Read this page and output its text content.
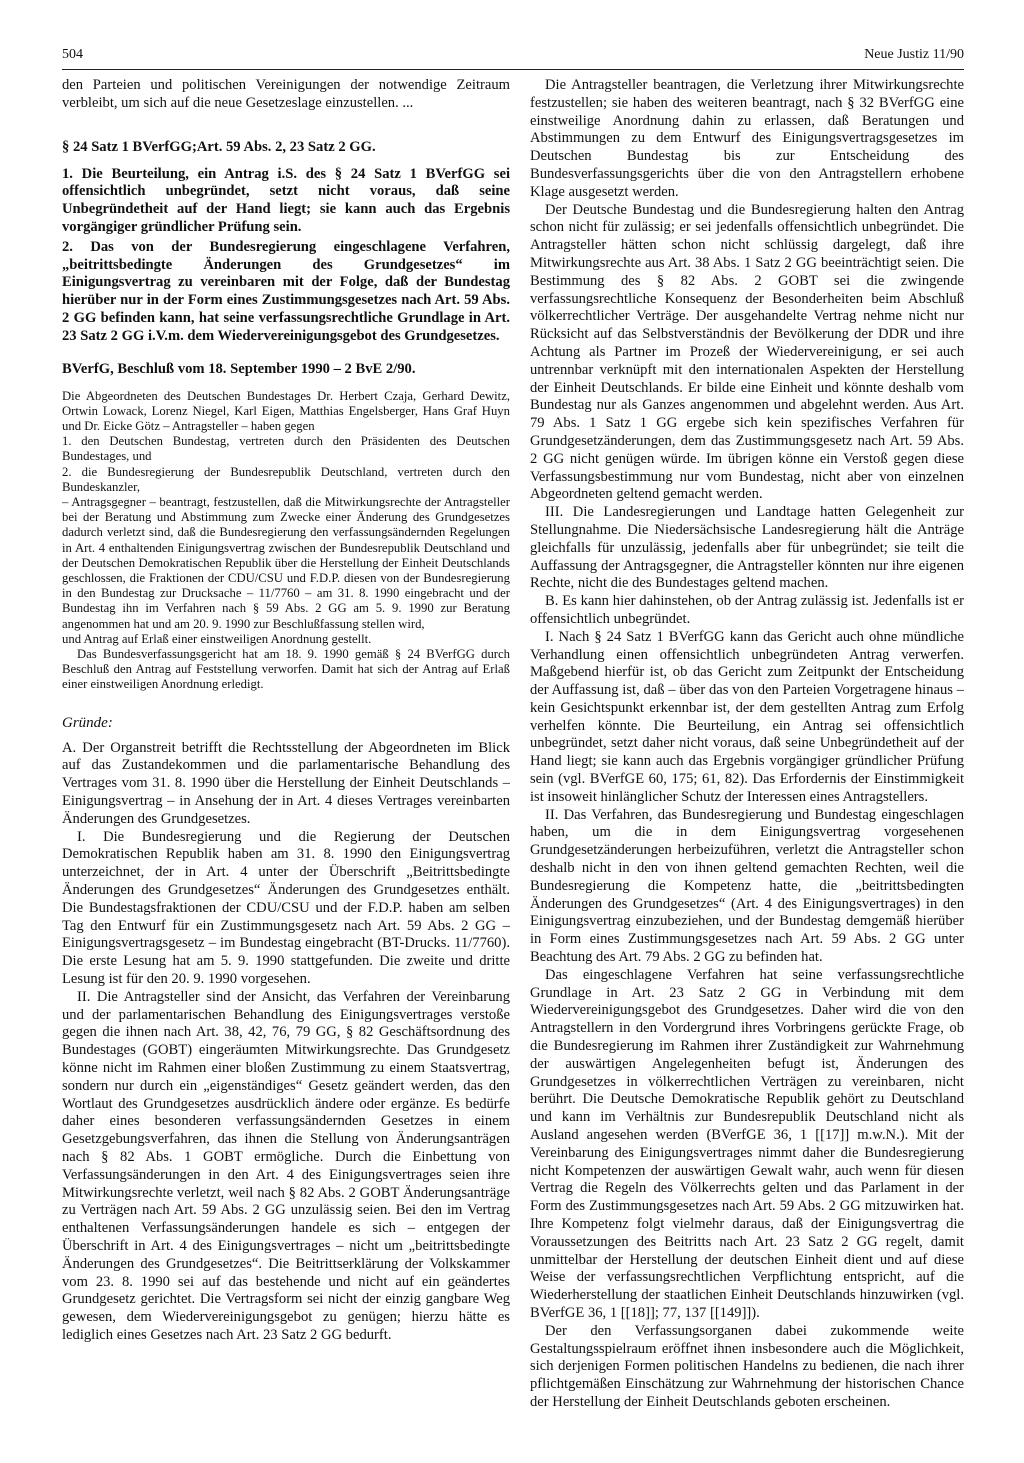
504	Neue Justiz 11/90

den Parteien und politischen Vereinigungen der notwendige Zeitraum verbleibt, um sich auf die neue Gesetzeslage einzustellen. ...

§ 24 Satz 1 BVerfGG;Art. 59 Abs. 2, 23 Satz 2 GG.

1. Die Beurteilung, ein Antrag i.S. des § 24 Satz 1 BVerfGG sei offensichtlich unbegründet, setzt nicht voraus, daß seine Unbegründetheit auf der Hand liegt; sie kann auch das Ergebnis vorgängiger gründlicher Prüfung sein.

2. Das von der Bundesregierung eingeschlagene Verfahren, „beitrittsbedingte Änderungen des Grundgesetzes“ im Einigungsvertrag zu vereinbaren mit der Folge, daß der Bundestag hierüber nur in der Form eines Zustimmungsgesetzes nach Art. 59 Abs. 2 GG befinden kann, hat seine verfassungsrechtliche Grundlage in Art. 23 Satz 2 GG i.V.m. dem Wiedervereinigungsgebot des Grundgesetzes.

BVerfG, Beschluß vom 18. September 1990 – 2 BvE 2/90.

Die Abgeordneten des Deutschen Bundestages Dr. Herbert Czaja, Gerhard Dewitz, Ortwin Lowack, Lorenz Niegel, Karl Eigen, Matthias Engelsberger, Hans Graf Huyn und Dr. Eicke Götz – Antragsteller – haben gegen

1. den Deutschen Bundestag, vertreten durch den Präsidenten des Deutschen Bundestages, und

2. die Bundesregierung der Bundesrepublik Deutschland, vertreten durch den Bundeskanzler,

– Antragsgegner – beantragt, festzustellen, daß die Mitwirkungsrechte der Antragsteller bei der Beratung und Abstimmung zum Zwecke einer Änderung des Grundgesetzes dadurch verletzt sind, daß die Bundesregierung den verfassungsändernden Regelungen in Art. 4 enthaltenden Einigungsvertrag zwischen der Bundesrepublik Deutschland und der Deutschen Demokratischen Republik über die Herstellung der Einheit Deutschlands geschlossen, die Fraktionen der CDU/CSU und F.D.P. diesen von der Bundesregierung in den Bundestag zur Drucksache – 11/7760 – am 31. 8. 1990 eingebracht und der Bundestag ihn im Verfahren nach § 59 Abs. 2 GG am 5. 9. 1990 zur Beratung angenommen hat und am 20. 9. 1990 zur Beschlußfassung stellen wird,

und Antrag auf Erlaß einer einstweiligen Anordnung gestellt.

Das Bundesverfassungsgericht hat am 18. 9. 1990 gemäß § 24 BVerfGG durch Beschluß den Antrag auf Feststellung verworfen. Damit hat sich der Antrag auf Erlaß einer einstweiligen Anordnung erledigt.

Gründe:

A. Der Organstreit betrifft die Rechtsstellung der Abgeordneten im Blick auf das Zustandekommen und die parlamentarische Behandlung des Vertrages vom 31. 8. 1990 über die Herstellung der Einheit Deutschlands – Einigungsvertrag – in Ansehung der in Art. 4 dieses Vertrages vereinbarten Änderungen des Grundgesetzes.

I. Die Bundesregierung und die Regierung der Deutschen Demokratischen Republik haben am 31. 8. 1990 den Einigungsvertrag unterzeichnet, der in Art. 4 unter der Überschrift „Beitrittsbedingte Änderungen des Grundgesetzes“ Änderungen des Grundgesetzes enthält. Die Bundestagsfraktionen der CDU/CSU und der F.D.P. haben am selben Tag den Entwurf für ein Zustimmungsgesetz nach Art. 59 Abs. 2 GG – Einigungsvertragsgesetz – im Bundestag eingebracht (BT-Drucks. 11/7760). Die erste Lesung hat am 5. 9. 1990 stattgefunden. Die zweite und dritte Lesung ist für den 20. 9. 1990 vorgesehen.

II. Die Antragsteller sind der Ansicht, das Verfahren der Vereinbarung und der parlamentarischen Behandlung des Einigungsvertrages verstoße gegen die ihnen nach Art. 38, 42, 76, 79 GG, § 82 Geschäftsordnung des Bundestages (GOBT) eingeräumten Mitwirkungsrechte. Das Grundgesetz könne nicht im Rahmen einer bloßen Zustimmung zu einem Staatsvertrag, sondern nur durch ein „eigenständiges“ Gesetz geändert werden, das den Wortlaut des Grundgesetzes ausdrücklich ändere oder ergänze. Es bedürfe daher eines besonderen verfassungsändernden Gesetzes in einem Gesetzgebungsverfahren, das ihnen die Stellung von Änderungsanträgen nach § 82 Abs. 1 GOBT ermögliche. Durch die Einbettung von Verfassungsänderungen in den Art. 4 des Einigungsvertrages seien ihre Mitwirkungsrechte verletzt, weil nach § 82 Abs. 2 GOBT Änderungsanträge zu Verträgen nach Art. 59 Abs. 2 GG unzulässig seien. Bei den im Vertrag enthaltenen Verfassungsänderungen handele es sich – entgegen der Überschrift in Art. 4 des Einigungsvertrages – nicht um „beitrittsbedingte Änderungen des Grundgesetzes“. Die Beitrittserklärung der Volkskammer vom 23. 8. 1990 sei auf das bestehende und nicht auf ein geändertes Grundgesetz gerichtet. Die Vertragsform sei nicht der einzig gangbare Weg gewesen, dem Wiedervereinigungsgebot zu genügen; hierzu hätte es lediglich eines Gesetzes nach Art. 23 Satz 2 GG bedurft.

Die Antragsteller beantragen, die Verletzung ihrer Mitwirkungsrechte festzustellen; sie haben des weiteren beantragt, nach § 32 BVerfGG eine einstweilige Anordnung dahin zu erlassen, daß Beratungen und Abstimmungen zu dem Entwurf des Einigungsvertragsgesetzes im Deutschen Bundestag bis zur Entscheidung des Bundesverfassungsgerichts über die von den Antragstellern erhobene Klage ausgesetzt werden.

Der Deutsche Bundestag und die Bundesregierung halten den Antrag schon nicht für zulässig; er sei jedenfalls offensichtlich unbegründet. Die Antragsteller hätten schon nicht schlüssig dargelegt, daß ihre Mitwirkungsrechte aus Art. 38 Abs. 1 Satz 2 GG beeinträchtigt seien. Die Bestimmung des § 82 Abs. 2 GOBT sei die zwingende verfassungsrechtliche Konsequenz der Besonderheiten beim Abschluß völkerrechtlicher Verträge. Der ausgehandelte Vertrag nehme nicht nur Rücksicht auf das Selbstverständnis der Bevölkerung der DDR und ihre Achtung als Partner im Prozeß der Wiedervereinigung, er sei auch untrennbar verknüpft mit den internationalen Aspekten der Herstellung der Einheit Deutschlands. Er bilde eine Einheit und könnte deshalb vom Bundestag nur als Ganzes angenommen und abgelehnt werden. Aus Art. 79 Abs. 1 Satz 1 GG ergebe sich kein spezifisches Verfahren für Grundgesetzänderungen, dem das Zustimmungsgesetz nach Art. 59 Abs. 2 GG nicht genügen würde. Im übrigen könne ein Verstoß gegen diese Verfassungsbestimmung nur vom Bundestag, nicht aber von einzelnen Abgeordneten geltend gemacht werden.

III. Die Landesregierungen und Landtage hatten Gelegenheit zur Stellungnahme. Die Niedersächsische Landesregierung hält die Anträge gleichfalls für unzulässig, jedenfalls aber für unbegründet; sie teilt die Auffassung der Antragsgegner, die Antragsteller könnten nur ihre eigenen Rechte, nicht die des Bundestages geltend machen.

B. Es kann hier dahinstehen, ob der Antrag zulässig ist. Jedenfalls ist er offensichtlich unbegründet.

I. Nach § 24 Satz 1 BVerfGG kann das Gericht auch ohne mündliche Verhandlung einen offensichtlich unbegründeten Antrag verwerfen. Maßgebend hierfür ist, ob das Gericht zum Zeitpunkt der Entscheidung der Auffassung ist, daß – über das von den Parteien Vorgetragene hinaus – kein Gesichtspunkt erkennbar ist, der dem gestellten Antrag zum Erfolg verhelfen könnte. Die Beurteilung, ein Antrag sei offensichtlich unbegründet, setzt daher nicht voraus, daß seine Unbegründetheit auf der Hand liegt; sie kann auch das Ergebnis vorgängiger gründlicher Prüfung sein (vgl. BVerfGE 60, 175; 61, 82). Das Erfordernis der Einstimmigkeit ist insoweit hinlänglicher Schutz der Interessen eines Antragstellers.

II. Das Verfahren, das Bundesregierung und Bundestag eingeschlagen haben, um die in dem Einigungsvertrag vorgesehenen Grundgesetzänderungen herbeizuführen, verletzt die Antragsteller schon deshalb nicht in den von ihnen geltend gemachten Rechten, weil die Bundesregierung die Kompetenz hatte, die „beitrittsbedingten Änderungen des Grundgesetzes“ (Art. 4 des Einigungsvertrages) in den Einigungsvertrag einzubeziehen, und der Bundestag demgemäß hierüber in Form eines Zustimmungsgesetzes nach Art. 59 Abs. 2 GG unter Beachtung des Art. 79 Abs. 2 GG zu befinden hat.

Das eingeschlagene Verfahren hat seine verfassungsrechtliche Grundlage in Art. 23 Satz 2 GG in Verbindung mit dem Wiedervereinigungsgebot des Grundgesetzes. Daher wird die von den Antragstellern in den Vordergrund ihres Vorbringens gerückte Frage, ob die Bundesregierung im Rahmen ihrer Zuständigkeit zur Wahrnehmung der auswärtigen Angelegenheiten befugt ist, Änderungen des Grundgesetzes in völkerrechtlichen Verträgen zu vereinbaren, nicht berührt. Die Deutsche Demokratische Republik gehört zu Deutschland und kann im Verhältnis zur Bundesrepublik Deutschland nicht als Ausland angesehen werden (BVerfGE 36, 1 [[17]] m.w.N.). Mit der Vereinbarung des Einigungsvertrages nimmt daher die Bundesregierung nicht Kompetenzen der auswärtigen Gewalt wahr, auch wenn für diesen Vertrag die Regeln des Völkerrechts gelten und das Parlament in der Form des Zustimmungsgesetzes nach Art. 59 Abs. 2 GG mitzuwirken hat. Ihre Kompetenz folgt vielmehr daraus, daß der Einigungsvertrag die Voraussetzungen des Beitritts nach Art. 23 Satz 2 GG regelt, damit unmittelbar der Herstellung der deutschen Einheit dient und auf diese Weise der verfassungsrechtlichen Verpflichtung entspricht, auf die Wiederherstellung der staatlichen Einheit Deutschlands hinzuwirken (vgl. BVerfGE 36, 1 [[18]]; 77, 137 [[149]]).

Der den Verfassungsorganen dabei zukommende weite Gestaltungsspielraum eröffnet ihnen insbesondere auch die Möglichkeit, sich derjenigen Formen politischen Handelns zu bedienen, die nach ihrer pflichtgemäßen Einschätzung zur Wahrnehmung der historischen Chance der Herstellung der Einheit Deutschlands geboten erscheinen.
